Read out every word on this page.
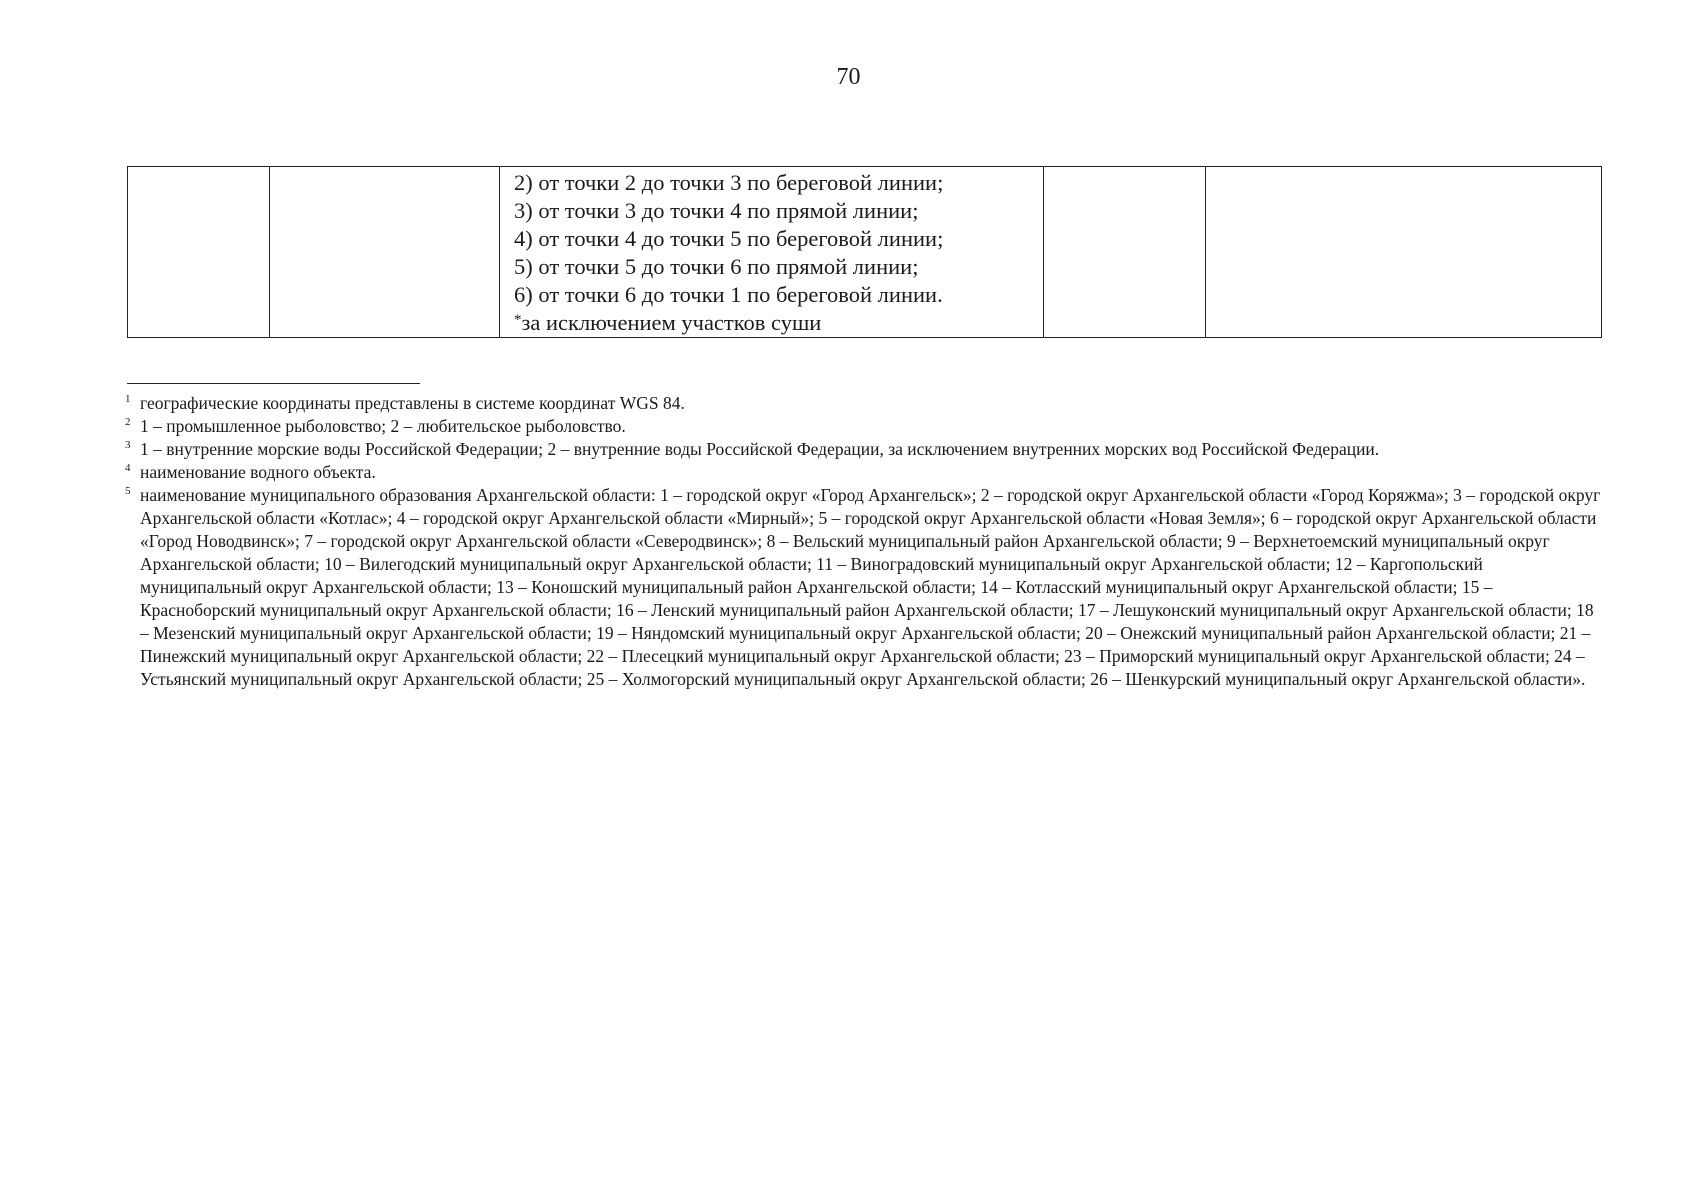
70

2) от точки 2 до точки 3 по береговой линии;
3) от точки 3 до точки 4 по прямой линии;
4) от точки 4 до точки 5 по береговой линии;
5) от точки 5 до точки 6 по прямой линии;
6) от точки 6 до точки 1 по береговой линии.
*за исключением участков суши

1 географические координаты представлены в системе координат WGS 84.
2 1 – промышленное рыболовство; 2 – любительское рыболовство.
3 1 – внутренние морские воды Российской Федерации; 2 – внутренние воды Российской Федерации, за исключением внутренних морских вод Российской Федерации.
4 наименование водного объекта.
5 наименование муниципального образования Архангельской области: 1 – городской округ «Город Архангельск»; 2 – городской округ Архангельской области «Город Коряжма»; 3 – городской округ Архангельской области «Котлас»; 4 – городской округ Архангельской области «Мирный»; 5 – городской округ Архангельской области «Новая Земля»; 6 – городской округ Архангельской области «Город Новодвинск»; 7 – городской округ Архангельской области «Северодвинск»; 8 – Вельский муниципальный район Архангельской области; 9 – Верхнетоемский муниципальный округ Архангельской области; 10 – Вилегодский муниципальный округ Архангельской области; 11 – Виноградовский муниципальный округ Архангельской области; 12 – Каргопольский муниципальный округ Архангельской области; 13 – Коношский муниципальный район Архангельской области; 14 – Котласский муниципальный округ Архангельской области; 15 – Красноборский муниципальный округ Архангельской области; 16 – Ленский муниципальный район Архангельской области; 17 – Лешуконский муниципальный округ Архангельской области; 18 – Мезенский муниципальный округ Архангельской области; 19 – Няндомский муниципальный округ Архангельской области; 20 – Онежский муниципальный район Архангельской области; 21 – Пинежский муниципальный округ Архангельской области; 22 – Плесецкий муниципальный округ Архангельской области; 23 – Приморский муниципальный округ Архангельской области; 24 – Устьянский муниципальный округ Архангельской области; 25 – Холмогорский муниципальный округ Архангельской области; 26 – Шенкурский муниципальный округ Архангельской области».
